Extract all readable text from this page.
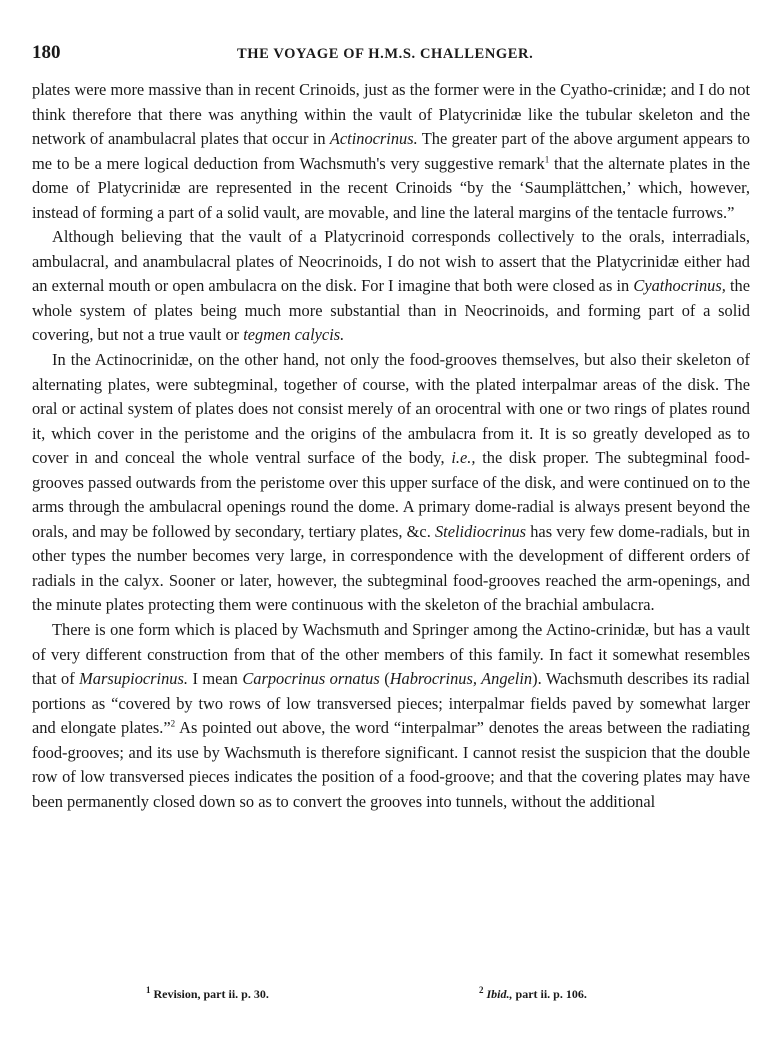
180	THE VOYAGE OF H.M.S. CHALLENGER.

plates were more massive than in recent Crinoids, just as the former were in the Cyatho-crinidæ; and I do not think therefore that there was anything within the vault of Platycrinidæ like the tubular skeleton and the network of anambulacral plates that occur in Actinocrinus. The greater part of the above argument appears to me to be a mere logical deduction from Wachsmuth's very suggestive remark$^1$ that the alternate plates in the dome of Platycrinidæ are represented in the recent Crinoids “by the ‘Saumplättchen,’ which, however, instead of forming a part of a solid vault, are movable, and line the lateral margins of the tentacle furrows.”

Although believing that the vault of a Platycrinoid corresponds collectively to the orals, interradials, ambulacral, and anambulacral plates of Neocrinoids, I do not wish to assert that the Platycrinidæ either had an external mouth or open ambulacra on the disk. For I imagine that both were closed as in Cyathocrinus, the whole system of plates being much more substantial than in Neocrinoids, and forming part of a solid covering, but not a true vault or tegmen calycis.

In the Actinocrinidæ, on the other hand, not only the food-grooves themselves, but also their skeleton of alternating plates, were subtegminal, together of course, with the plated interpalmar areas of the disk. The oral or actinal system of plates does not consist merely of an orocentral with one or two rings of plates round it, which cover in the peristome and the origins of the ambulacra from it. It is so greatly developed as to cover in and conceal the whole ventral surface of the body, i.e., the disk proper. The subtegminal food-grooves passed outwards from the peristome over this upper surface of the disk, and were continued on to the arms through the ambulacral openings round the dome. A primary dome-radial is always present beyond the orals, and may be followed by secondary, tertiary plates, &c. Stelidiocrinus has very few dome-radials, but in other types the number becomes very large, in correspondence with the development of different orders of radials in the calyx. Sooner or later, however, the subtegminal food-grooves reached the arm-openings, and the minute plates protecting them were continuous with the skeleton of the brachial ambulacra.

There is one form which is placed by Wachsmuth and Springer among the Actino-crinidæ, but has a vault of very different construction from that of the other members of this family. In fact it somewhat resembles that of Marsupiocrinus. I mean Carpocrinus ornatus (Habrocrinus, Angelin). Wachsmuth describes its radial portions as “covered by two rows of low transversed pieces; interpalmar fields paved by somewhat larger and elongate plates.”$^2$ As pointed out above, the word “interpalmar” denotes the areas between the radiating food-grooves; and its use by Wachsmuth is therefore significant. I cannot resist the suspicion that the double row of low transversed pieces indicates the position of a food-groove; and that the covering plates may have been permanently closed down so as to convert the grooves into tunnels, without the additional

$^1$ Revision, part ii. p. 30.	$^2$ Ibid., part ii. p. 106.
